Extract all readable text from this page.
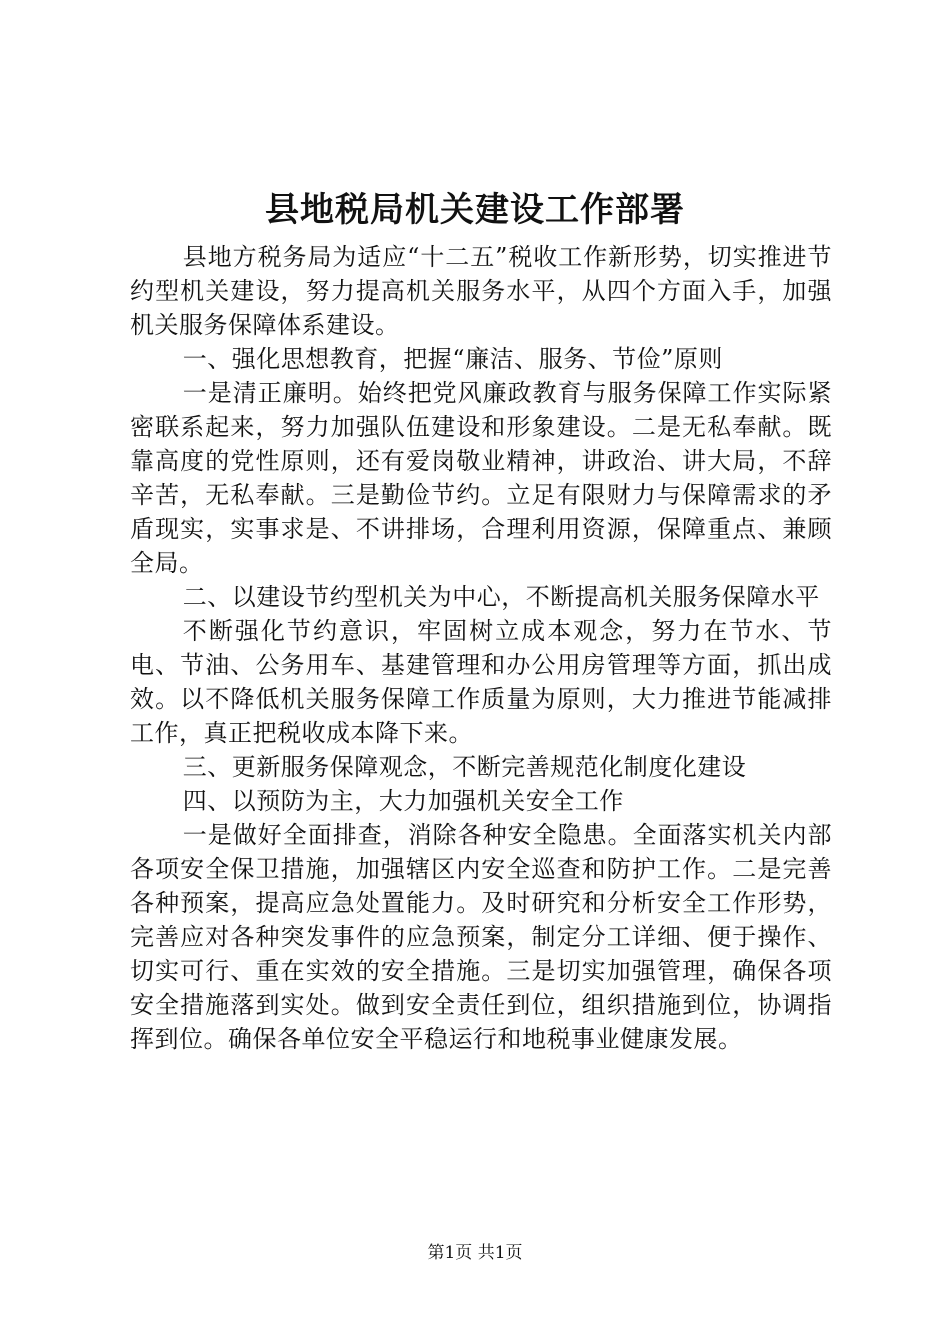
县地税局机关建设工作部署

县地方税务局为适应“十二五”税收工作新形势，切实推进节约型机关建设，努力提高机关服务水平，从四个方面入手，加强机关服务保障体系建设。

一、强化思想教育，把握“廉洁、服务、节俭”原则

一是清正廉明。始终把党风廉政教育与服务保障工作实际紧密联系起来，努力加强队伍建设和形象建设。二是无私奉献。既靠高度的党性原则，还有爱岗敬业精神，讲政治、讲大局，不辞辛苦，无私奉献。三是勤俭节约。立足有限财力与保障需求的矛盾现实，实事求是、不讲排场，合理利用资源，保障重点、兼顾全局。

二、以建设节约型机关为中心，不断提高机关服务保障水平

不断强化节约意识，牢固树立成本观念，努力在节水、节电、节油、公务用车、基建管理和办公用房管理等方面，抓出成效。以不降低机关服务保障工作质量为原则，大力推进节能减排工作，真正把税收成本降下来。

三、更新服务保障观念，不断完善规范化制度化建设

四、以预防为主，大力加强机关安全工作

一是做好全面排查，消除各种安全隐患。全面落实机关内部各项安全保卫措施，加强辖区内安全巡查和防护工作。二是完善各种预案，提高应急处置能力。及时研究和分析安全工作形势，完善应对各种突发事件的应急预案，制定分工详细、便于操作、切实可行、重在实效的安全措施。三是切实加强管理，确保各项安全措施落到实处。做到安全责任到位，组织措施到位，协调指挥到位。确保各单位安全平稳运行和地税事业健康发展。

第1页 共1页
